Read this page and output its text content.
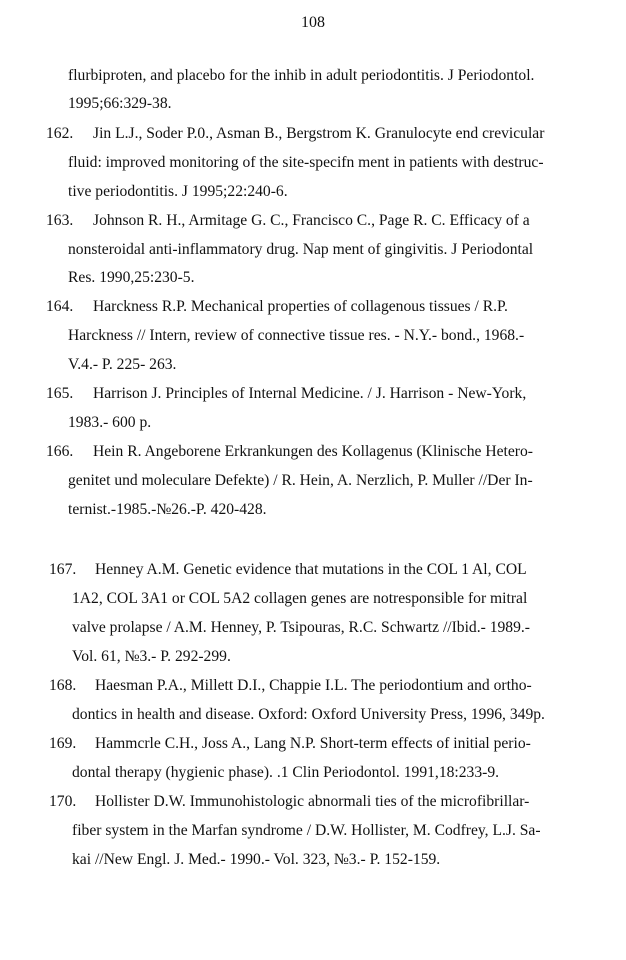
108
flurbiproten, and placebo for the inhib in adult periodontitis. J Periodontol.
1995;66:329-38.
162. Jin L.J., Soder P.0., Asman B., Bergstrom K. Granulocyte end crevicular
fluid: improved monitoring of the site-specifn ment in patients with destruc-
tive periodontitis. J 1995;22:240-6.
163. Johnson R. H., Armitage G. C., Francisco C., Page R. C. Efficacy of a
nonsteroidal anti-inflammatory drug. Nap ment of gingivitis. J Periodontal
Res. 1990,25:230-5.
164. Harckness R.P. Mechanical properties of collagenous tissues / R.P.
Harckness // Intern, review of connective tissue res. - N.Y.- bond., 1968.-
V.4.- P. 225- 263.
165. Harrison J. Principles of Internal Medicine. / J. Harrison - New-York,
1983.- 600 p.
166. Hein R. Angeborene Erkrankungen des Kollagenus (Klinische Hetero-
genitet und moleculare Defekte) / R. Hein, A. Nerzlich, P. Muller //Der In-
ternist.-1985.-№26.-P. 420-428.
167. Henney A.M. Genetic evidence that mutations in the COL 1 Al, COL
1A2, COL 3A1 or COL 5A2 collagen genes are notresponsible for mitral
valve prolapse / A.M. Henney, P. Tsipouras, R.C. Schwartz //Ibid.- 1989.-
Vol. 61, №3.- P. 292-299.
168. Haesman P.A., Millett D.I., Chappie I.L. The periodontium and ortho-
dontics in health and disease. Oxford: Oxford University Press, 1996, 349p.
169. Hammcrle C.H., Joss A., Lang N.P. Short-term effects of initial perio-
dontal therapy (hygienic phase). .1 Clin Periodontol. 1991,18:233-9.
170. Hollister D.W. Immunohistologic abnormali ties of the microfibrillar-
fiber system in the Marfan syndrome / D.W. Hollister, M. Codfrey, L.J. Sa-
kai //New Engl. J. Med.- 1990.- Vol. 323, №3.- P. 152-159.
